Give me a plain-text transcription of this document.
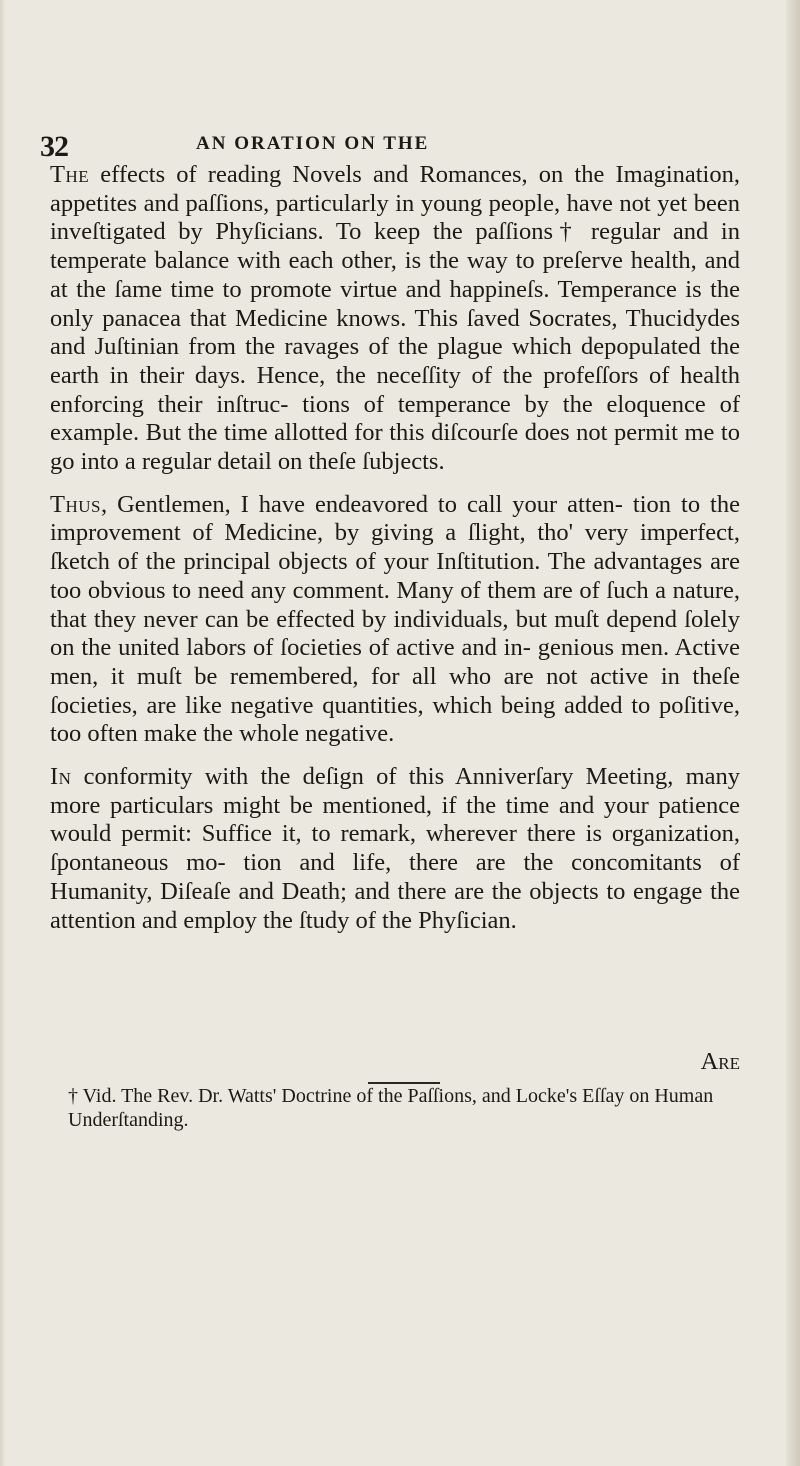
32	AN ORATION ON THE

The effects of reading Novels and Romances, on the Imagination, appetites and paſſions, particularly in young people, have not yet been inveſtigated by Phyſicians. To keep the paſſions† regular and in temperate balance with each other, is the way to preſerve health, and at the ſame time to promote virtue and happineſs. Temperance is the only panacea that Medicine knows. This ſaved Socrates, Thucidydes and Juſtinian from the ravages of the plague which depopulated the earth in their days. Hence, the neceſſity of the profeſſors of health enforcing their inſtruc- tions of temperance by the eloquence of example. But the time allotted for this diſcourſe does not permit me to go into a regular detail on theſe ſubjects.

Thus, Gentlemen, I have endeavored to call your atten- tion to the improvement of Medicine, by giving a ſlight, tho' very imperfect, ſketch of the principal objects of your Inſtitution. The advantages are too obvious to need any comment. Many of them are of ſuch a nature, that they never can be effected by individuals, but muſt depend ſolely on the united labors of ſocieties of active and in- genious men. Active men, it muſt be remembered, for all who are not active in theſe ſocieties, are like negative quantities, which being added to poſitive, too often make the whole negative.

In conformity with the deſign of this Anniverſary Meeting, many more particulars might be mentioned, if the time and your patience would permit: Suffice it, to remark, wherever there is organization, ſpontaneous mo- tion and life, there are the concomitants of Humanity, Diſeaſe and Death; and there are the objects to engage the attention and employ the ſtudy of the Phyſician.

Are
† Vid. The Rev. Dr. Watts' Doctrine of the Paſſions, and Locke's Eſſay on Human Underſtanding.
